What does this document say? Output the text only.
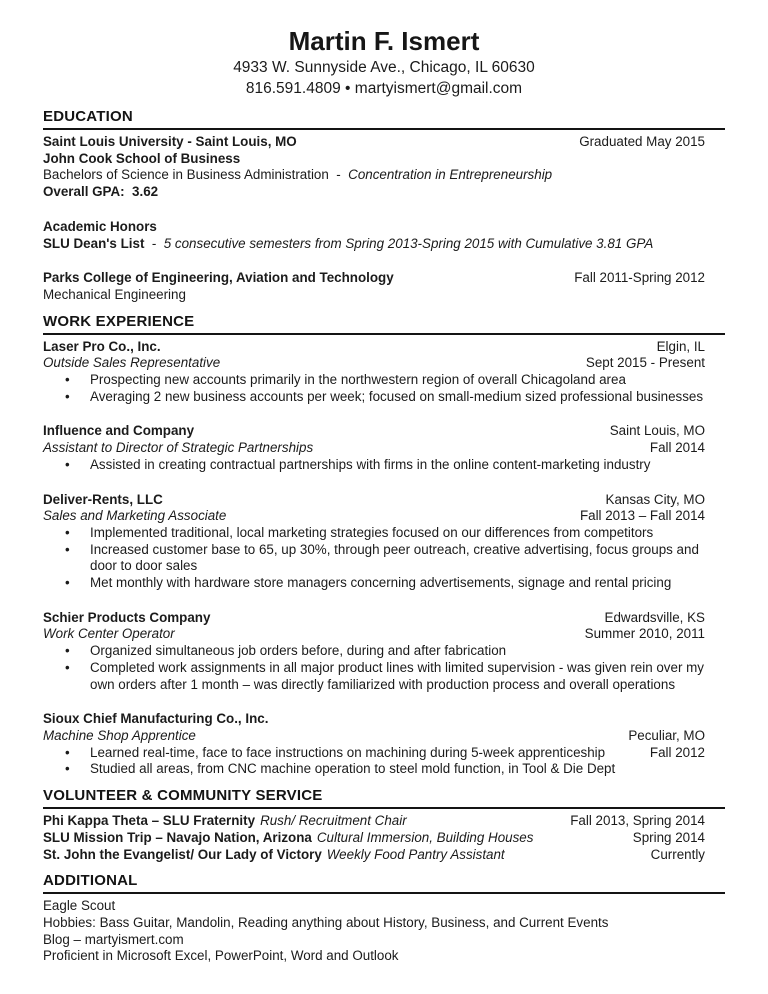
Martin F. Ismert
4933 W. Sunnyside Ave., Chicago, IL 60630
816.591.4809 • martyismert@gmail.com
EDUCATION
Saint Louis University - Saint Louis, MO	Graduated May 2015
John Cook School of Business
Bachelors of Science in Business Administration  -  Concentration in Entrepreneurship
Overall GPA:  3.62
Academic Honors
SLU Dean's List  -  5 consecutive semesters from Spring 2013-Spring 2015 with Cumulative 3.81 GPA
Parks College of Engineering, Aviation and Technology	Fall 2011-Spring 2012
Mechanical Engineering
WORK EXPERIENCE
Laser Pro Co., Inc.	Elgin, IL
Outside Sales Representative	Sept 2015 - Present
•	Prospecting new accounts primarily in the northwestern region of overall Chicagoland area
•	Averaging 2 new business accounts per week; focused on small-medium sized professional businesses
Influence and Company	Saint Louis, MO
Assistant to Director of Strategic Partnerships	Fall 2014
•	Assisted in creating contractual partnerships with firms in the online content-marketing industry
Deliver-Rents, LLC	Kansas City, MO
Sales and Marketing Associate	Fall 2013 – Fall 2014
•	Implemented traditional, local marketing strategies focused on our differences from competitors
•	Increased customer base to 65, up 30%, through peer outreach, creative advertising, focus groups and door to door sales
•	Met monthly with hardware store managers concerning advertisements, signage and rental pricing
Schier Products Company	Edwardsville, KS
Work Center Operator	Summer 2010, 2011
•	Organized simultaneous job orders before, during and after fabrication
•	Completed work assignments in all major product lines with limited supervision - was given rein over my own orders after 1 month – was directly familiarized with production process and overall operations
Sioux Chief Manufacturing Co., Inc.
Machine Shop Apprentice	Peculiar, MO
•	Learned real-time, face to face instructions on machining during 5-week apprenticeship	Fall 2012
•	Studied all areas, from CNC machine operation to steel mold function, in Tool & Die Dept
VOLUNTEER & COMMUNITY SERVICE
Phi Kappa Theta – SLU Fraternity Rush/ Recruitment Chair	Fall 2013, Spring 2014
SLU Mission Trip – Navajo Nation, Arizona Cultural Immersion, Building Houses	Spring 2014
St. John the Evangelist/ Our Lady of Victory Weekly Food Pantry Assistant	Currently
ADDITIONAL
Eagle Scout
Hobbies: Bass Guitar, Mandolin, Reading anything about History, Business, and Current Events
Blog – martyismert.com
Proficient in Microsoft Excel, PowerPoint, Word and Outlook
